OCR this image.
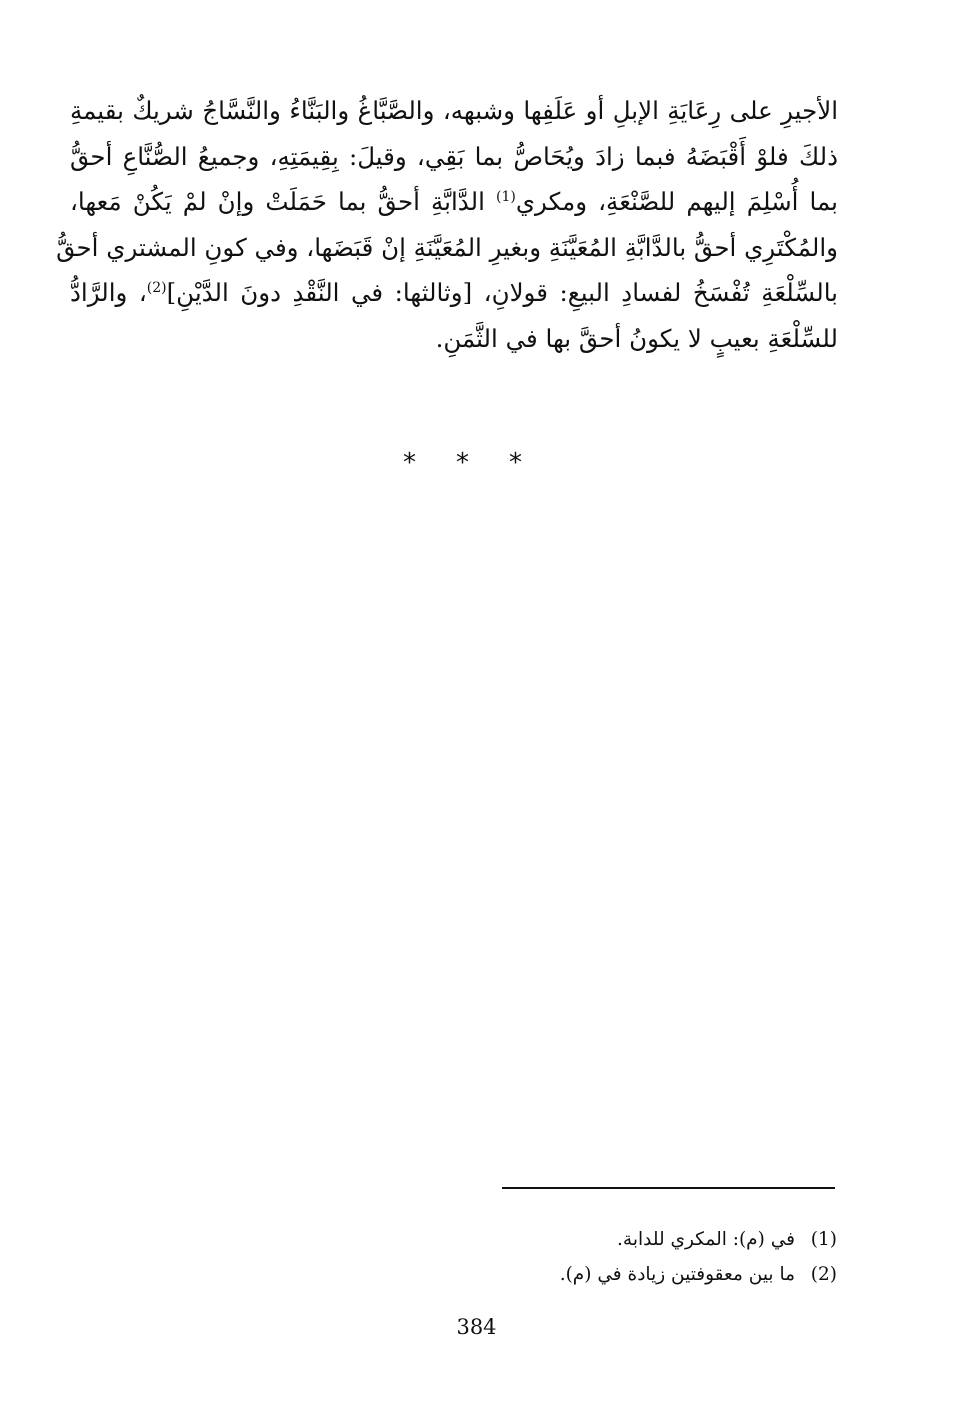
الأجيرِ على رِعَايَةِ الإبلِ أو عَلَفِها وشبهه، والصَّبَّاغُ والبَنَّاءُ والنَّسَّاجُ شريكٌ بقيمةِ
ذلكَ فلوْ أَقْبَضَهُ فبما زادَ ويُحَاصُّ بما بَقِي، وقيلَ: بِقِيمَتِهِ، وجميعُ الصُّنَّاعِ أحقُّ
بما أُسْلِمَ إليهم للصَّنْعَةِ، ومكري$^{(1)}$ الدَّابَّةِ أحقُّ بما حَمَلَتْ وإنْ لمْ يَكُنْ مَعها،
والمُكْتَرِي أحقُّ بالدَّابَّةِ المُعَيَّنَةِ وبغيرِ المُعَيَّنَةِ إنْ قَبَضَها، وفي كونِ المشتري أحقُّ
بالسِّلْعَةِ تُفْسَخُ لفسادِ البيعِ: قولانِ، [وثالثها: في النَّقْدِ دونَ الدَّيْنِ]$^{(2)}$، والرَّادُّ
للسِّلْعَةِ بعيبٍ لا يكونُ أحقَّ بها في الثَّمَنِ.
* * *
(1)
في (م): المكري للدابة.
(2)
ما بين معقوفتين زيادة في (م).
384
